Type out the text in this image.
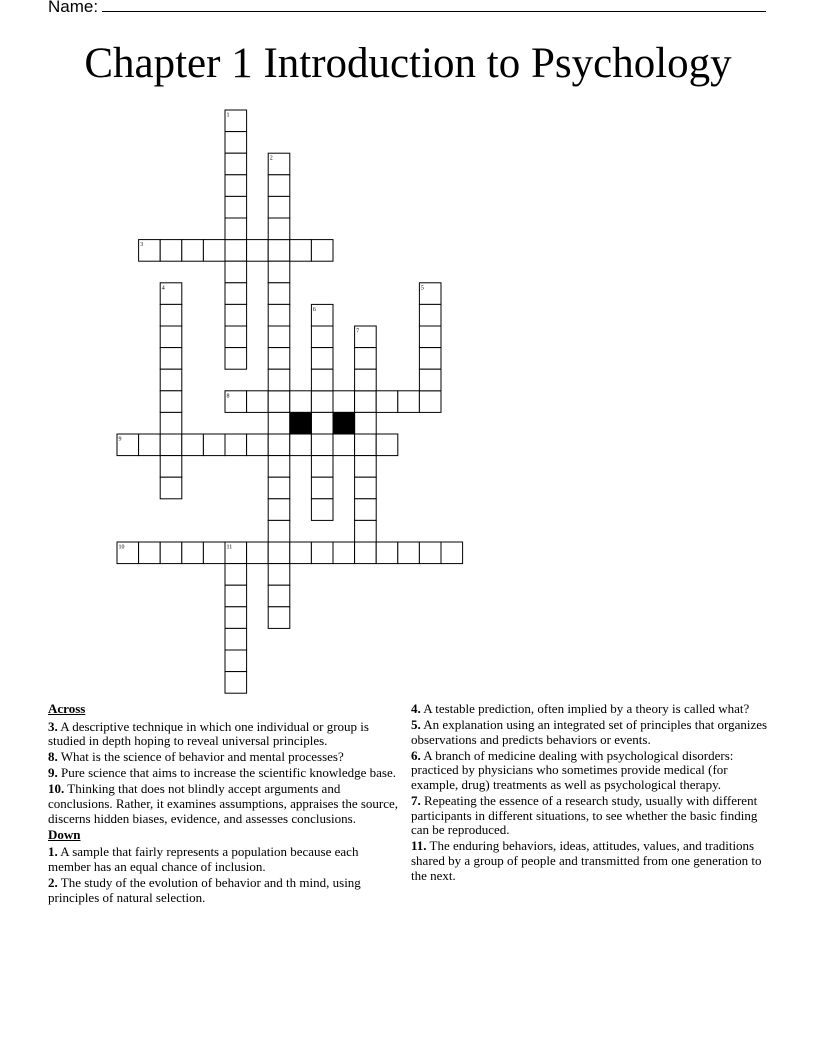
Name:
Chapter 1 Introduction to Psychology
3
8
9
10
1
2
4	5
6
7
11
Across
3. A descriptive technique in which one individual or group is studied in depth hoping to reveal universal principles.
8. What is the science of behavior and mental processes?
9. Pure science that aims to increase the scientific knowledge base.
10. Thinking that does not blindly accept arguments and conclusions. Rather, it examines assumptions, appraises the source, discerns hidden biases, evidence, and assesses conclusions.
Down
1. A sample that fairly represents a population because each member has an equal chance of inclusion.
2. The study of the evolution of behavior and th mind, using principles of natural selection.
4. A testable prediction, often implied by a theory is called what?
5. An explanation using an integrated set of principles that organizes observations and predicts behaviors or events.
6. A branch of medicine dealing with psychological disorders: practiced by physicians who sometimes provide medical (for example, drug) treatments as well as psychological therapy.
7. Repeating the essence of a research study, usually with different participants in different situations, to see whether the basic finding can be reproduced.
11. The enduring behaviors, ideas, attitudes, values, and traditions shared by a group of people and transmitted from one generation to the next.
